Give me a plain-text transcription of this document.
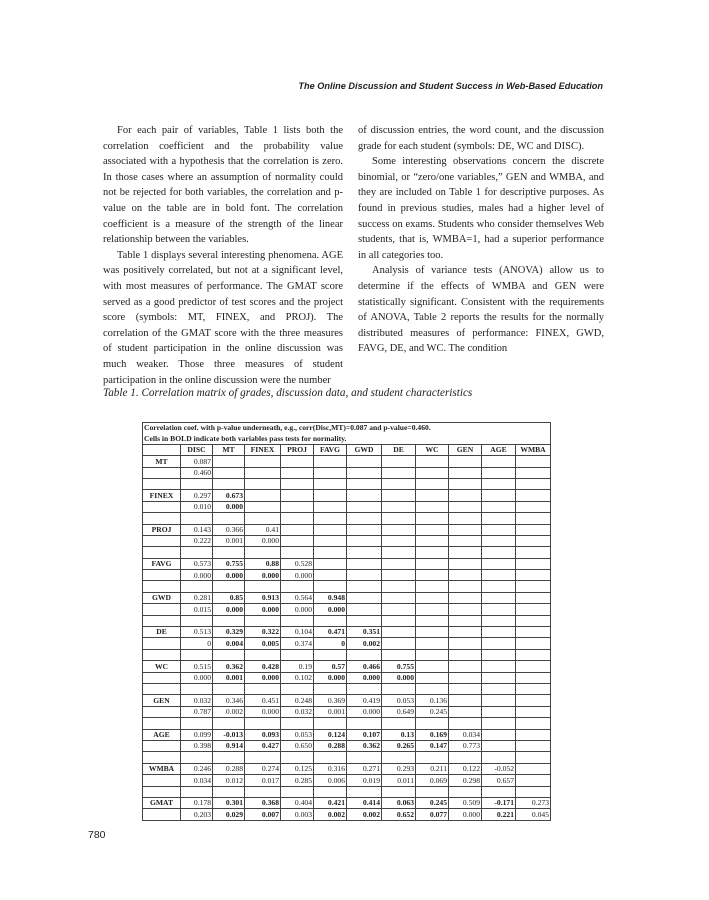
The Online Discussion and Student Success in Web-Based Education

For each pair of variables, Table 1 lists both the correlation coefficient and the probability value associated with a hypothesis that the correlation is zero. In those cases where an assumption of normality could not be rejected for both variables, the correlation and p-value on the table are in bold font. The correlation coefficient is a measure of the strength of the linear relationship between the variables.

Table 1 displays several interesting phenomena. AGE was positively correlated, but not at a significant level, with most measures of performance. The GMAT score served as a good predictor of test scores and the project score (symbols: MT, FINEX, and PROJ). The correlation of the GMAT score with the three measures of student participation in the online discussion was much weaker. Those three measures of student participation in the online discussion were the number

of discussion entries, the word count, and the discussion grade for each student (symbols: DE, WC and DISC).

Some interesting observations concern the discrete binomial, or “zero/one variables,” GEN and WMBA, and they are included on Table 1 for descriptive purposes. As found in previous studies, males had a higher level of success on exams. Students who consider themselves Web students, that is, WMBA=1, had a superior performance in all categories too.

Analysis of variance tests (ANOVA) allow us to determine if the effects of WMBA and GEN were statistically significant. Consistent with the requirements of ANOVA, Table 2 reports the results for the normally distributed measures of performance: FINEX, GWD, FAVG, DE, and WC. The condition

Table 1. Correlation matrix of grades, discussion data, and student characteristics
Correlation coef. with p-value underneath, e.g., corr(Disc,MT)=0.087 and p-value=0.460.											
Cells in BOLD indicate both variables pass tests for normality.											
	DISC	MT	FINEX	PROJ	FAVG	GWD	DE	WC	GEN	AGE	WMBA
MT	0.087										
	0.460										

FINEX	0.297	0.673									
	0.010	0.000									

PROJ	0.143	0.366	0.41								
	0.222	0.001	0.000								

FAVG	0.573	0.755	0.88	0.528							
	0.000	0.000	0.000	0.000							

GWD	0.281	0.85	0.913	0.564	0.948						
	0.015	0.000	0.000	0.000	0.000						

DE	0.513	0.329	0.322	0.104	0.471	0.351					
	0	0.004	0.005	0.374	0	0.002					

WC	0.515	0.362	0.428	0.19	0.57	0.466	0.755				
	0.000	0.001	0.000	0.102	0.000	0.000	0.000				

GEN	0.032	0.346	0.451	0.248	0.369	0.419	0.053	0.136			
	0.787	0.002	0.000	0.032	0.001	0.000	0.649	0.245			

AGE	0.099	-0.013	0.093	0.053	0.124	0.107	0.13	0.169	0.034		
	0.398	0.914	0.427	0.650	0.288	0.362	0.265	0.147	0.773		

WMBA	0.246	0.288	0.274	0.125	0.316	0.271	0.293	0.211	0.122	-0.052	
	0.034	0.012	0.017	0.285	0.006	0.019	0.011	0.069	0.298	0.657	

GMAT	0.178	0.301	0.368	0.404	0.421	0.414	0.063	0.245	0.509	-0.171	0.273
	0.203	0.029	0.007	0.003	0.002	0.002	0.652	0.077	0.000	0.221	0.045
780
